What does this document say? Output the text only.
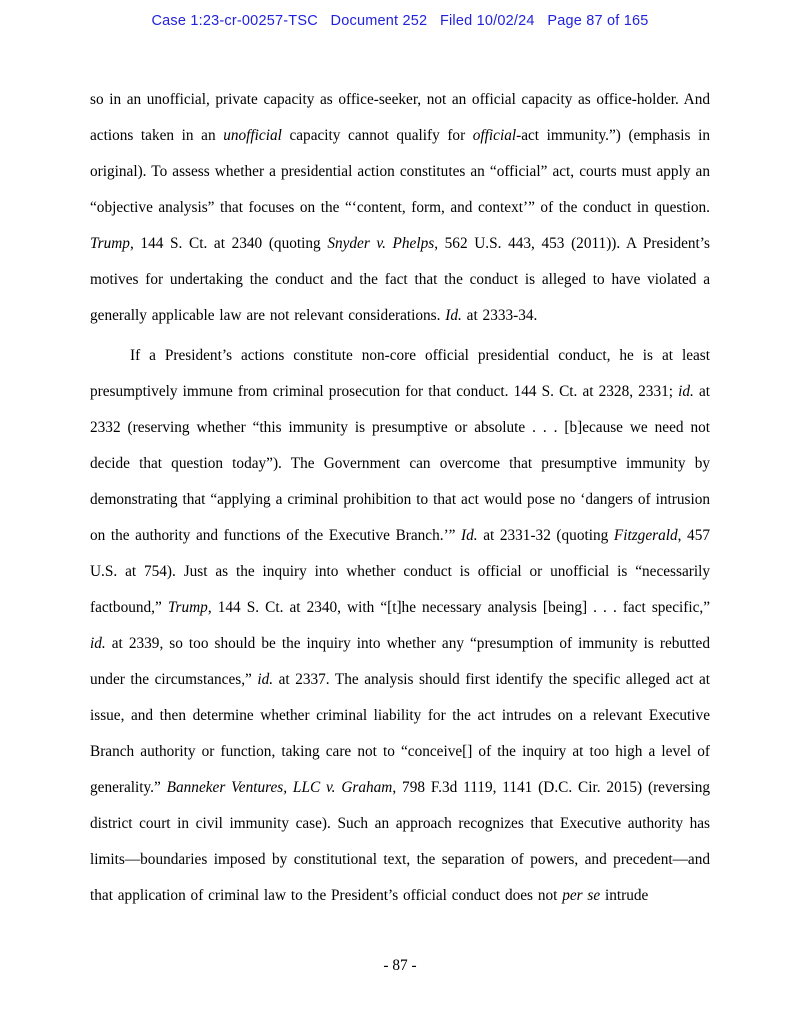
Case 1:23-cr-00257-TSC   Document 252   Filed 10/02/24   Page 87 of 165

so in an unofficial, private capacity as office-seeker, not an official capacity as office-holder. And actions taken in an unofficial capacity cannot qualify for official-act immunity.”) (emphasis in original). To assess whether a presidential action constitutes an “official” act, courts must apply an “objective analysis” that focuses on the “‘content, form, and context’” of the conduct in question. Trump, 144 S. Ct. at 2340 (quoting Snyder v. Phelps, 562 U.S. 443, 453 (2011)). A President’s motives for undertaking the conduct and the fact that the conduct is alleged to have violated a generally applicable law are not relevant considerations. Id. at 2333-34.

If a President’s actions constitute non-core official presidential conduct, he is at least presumptively immune from criminal prosecution for that conduct. 144 S. Ct. at 2328, 2331; id. at 2332 (reserving whether “this immunity is presumptive or absolute . . . [b]ecause we need not decide that question today”). The Government can overcome that presumptive immunity by demonstrating that “applying a criminal prohibition to that act would pose no ‘dangers of intrusion on the authority and functions of the Executive Branch.’” Id. at 2331-32 (quoting Fitzgerald, 457 U.S. at 754). Just as the inquiry into whether conduct is official or unofficial is “necessarily factbound,” Trump, 144 S. Ct. at 2340, with “[t]he necessary analysis [being] . . . fact specific,” id. at 2339, so too should be the inquiry into whether any “presumption of immunity is rebutted under the circumstances,” id. at 2337. The analysis should first identify the specific alleged act at issue, and then determine whether criminal liability for the act intrudes on a relevant Executive Branch authority or function, taking care not to “conceive[] of the inquiry at too high a level of generality.” Banneker Ventures, LLC v. Graham, 798 F.3d 1119, 1141 (D.C. Cir. 2015) (reversing district court in civil immunity case). Such an approach recognizes that Executive authority has limits—boundaries imposed by constitutional text, the separation of powers, and precedent—and that application of criminal law to the President’s official conduct does not per se intrude

- 87 -
